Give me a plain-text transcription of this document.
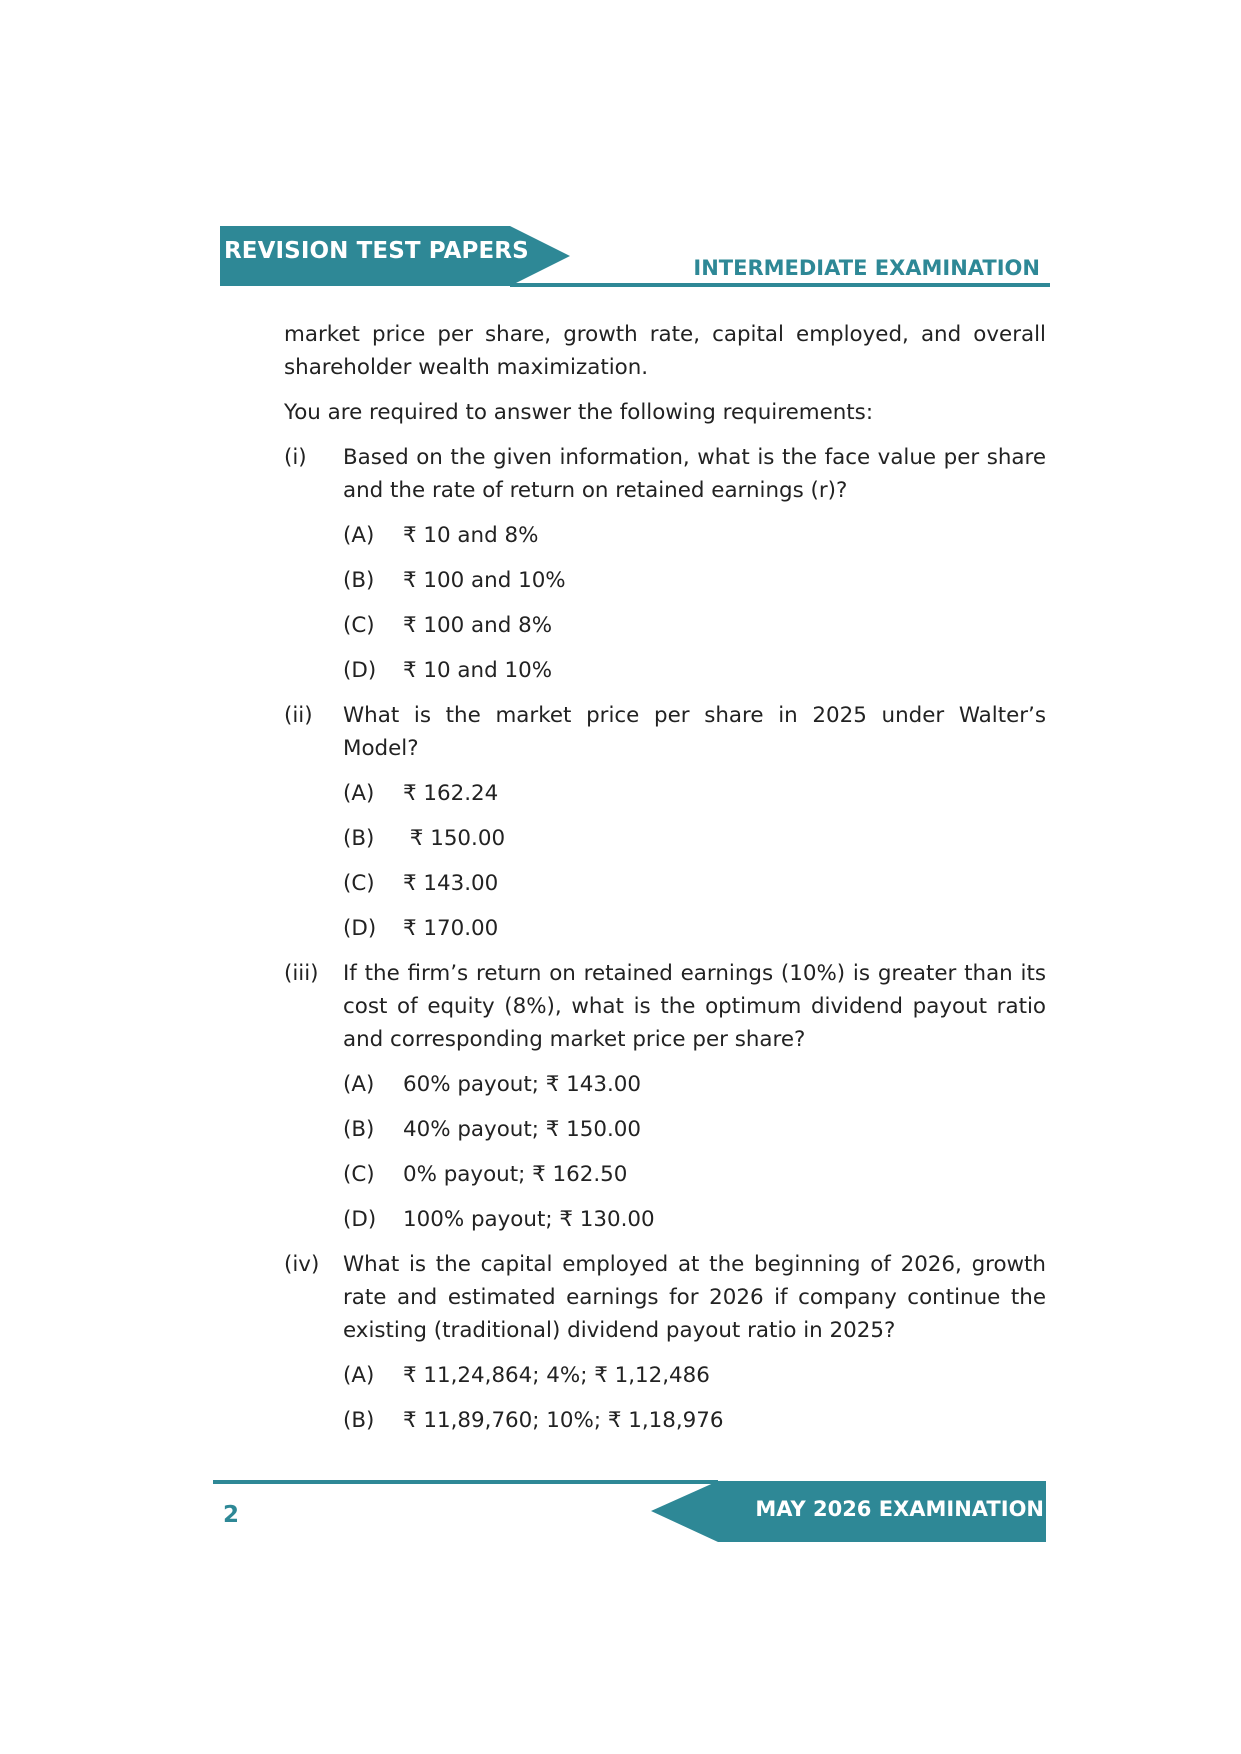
REVISION TEST PAPERS
INTERMEDIATE EXAMINATION

market price per share, growth rate, capital employed, and overall shareholder wealth maximization.

You are required to answer the following requirements:

(i)	Based on the given information, what is the face value per share and the rate of return on retained earnings (r)?
(A)	₹ 10 and 8%
(B)	₹ 100 and 10%
(C)	₹ 100 and 8%
(D)	₹ 10 and 10%
(ii)	What is the market price per share in 2025 under Walter’s Model?
(A)	₹ 162.24
(B)	₹ 150.00
(C)	₹ 143.00
(D)	₹ 170.00
(iii)	If the firm’s return on retained earnings (10%) is greater than its cost of equity (8%), what is the optimum dividend payout ratio and corresponding market price per share?
(A)	60% payout; ₹ 143.00
(B)	40% payout; ₹ 150.00
(C)	0% payout; ₹ 162.50
(D)	100% payout; ₹ 130.00
(iv)	What is the capital employed at the beginning of 2026, growth rate and estimated earnings for 2026 if company continue the existing (traditional) dividend payout ratio in 2025?
(A)	₹ 11,24,864; 4%; ₹ 1,12,486
(B)	₹ 11,89,760; 10%; ₹ 1,18,976
MAY 2026 EXAMINATION
2
